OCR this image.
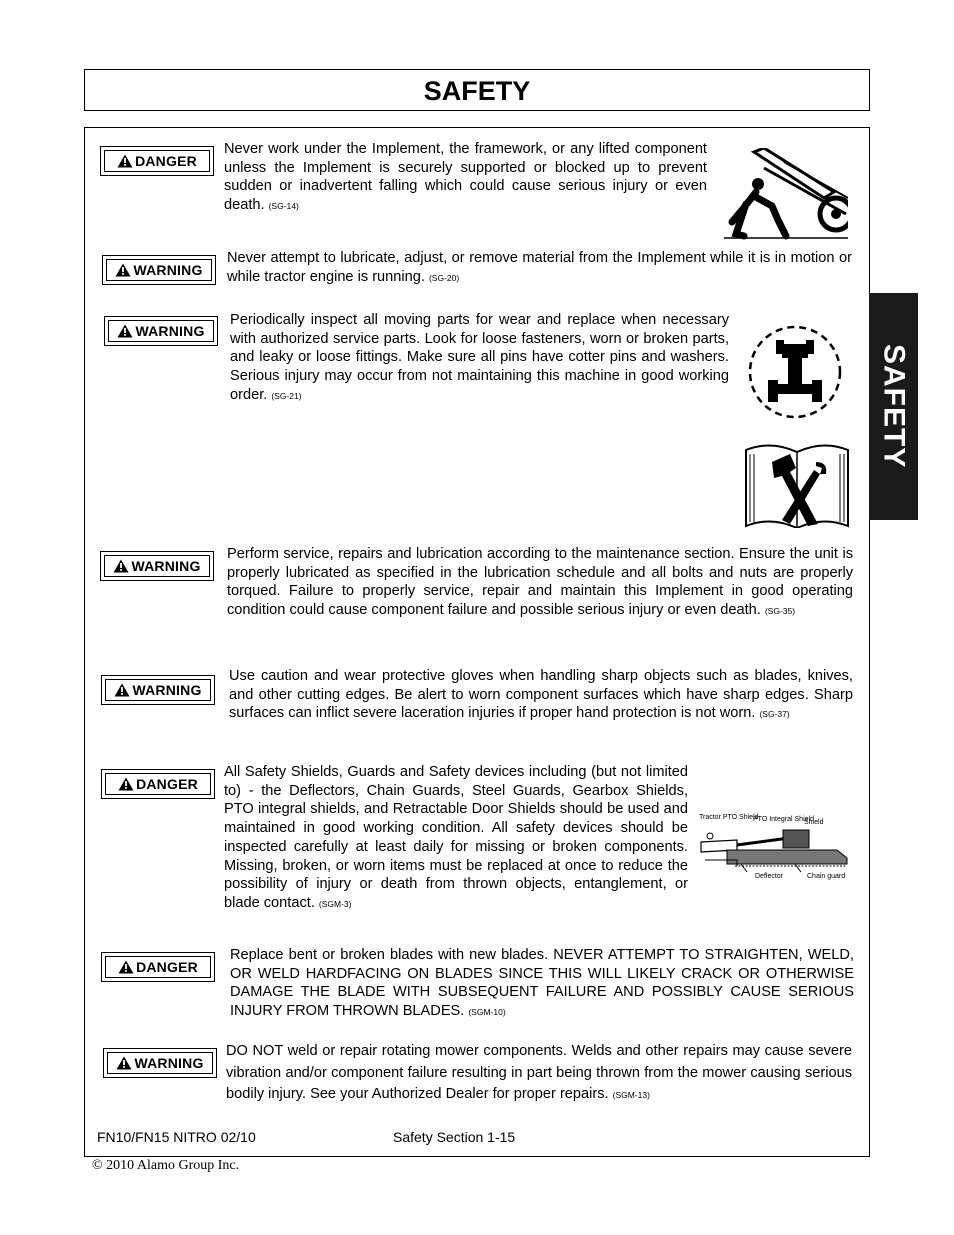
SAFETY
SAFETY
DANGER
Never work under the Implement, the framework, or any lifted component unless the Implement is securely supported or blocked up to prevent sudden or inadvertent falling which could cause serious injury or even death. (SG-14)
WARNING
Never attempt to lubricate, adjust, or remove material from the Implement while it is in motion or while tractor engine is running. (SG-20)
WARNING
Periodically inspect all moving parts for wear and replace when necessary with authorized service parts. Look for loose fasteners, worn or broken parts, and leaky or loose fittings. Make sure all pins have cotter pins and washers. Serious injury may occur from not maintaining this machine in good working order. (SG-21)
WARNING
Perform service, repairs and lubrication according to the maintenance section. Ensure the unit is properly lubricated as specified in the lubrication schedule and all bolts and nuts are properly torqued. Failure to properly service, repair and maintain this Implement in good operating condition could cause component failure and possible serious injury or even death. (SG-35)
WARNING
Use caution and wear protective gloves when handling sharp objects such as blades, knives, and other cutting edges. Be alert to worn component surfaces which have sharp edges. Sharp surfaces can inflict severe laceration injuries if proper hand protection is not worn. (SG-37)
DANGER
All Safety Shields, Guards and Safety devices including (but not limited to) - the Deflectors, Chain Guards, Steel Guards, Gearbox Shields, PTO integral shields, and Retractable Door Shields should be used and maintained in good working condition. All safety devices should be inspected carefully at least daily for missing or broken components. Missing, broken, or worn items must be replaced at once to reduce the possibility of injury or death from thrown objects, entanglement, or blade contact. (SGM-3)
Tractor PTO Shield
PTO Integral Shield
Shield
Deflector	Chain guard
DANGER
Replace bent or broken blades with new blades. NEVER ATTEMPT TO STRAIGHTEN, WELD, OR WELD HARDFACING ON BLADES SINCE THIS WILL LIKELY CRACK OR OTHERWISE DAMAGE THE BLADE WITH SUBSEQUENT FAILURE AND POSSIBLY CAUSE SERIOUS INJURY FROM THROWN BLADES. (SGM-10)
WARNING
DO NOT weld or repair rotating mower components. Welds and other repairs may cause severe vibration and/or component failure resulting in part being thrown from the mower causing serious bodily injury. See your Authorized Dealer for proper repairs. (SGM-13)
FN10/FN15 NITRO 02/10	Safety Section 1-15
© 2010 Alamo Group Inc.
